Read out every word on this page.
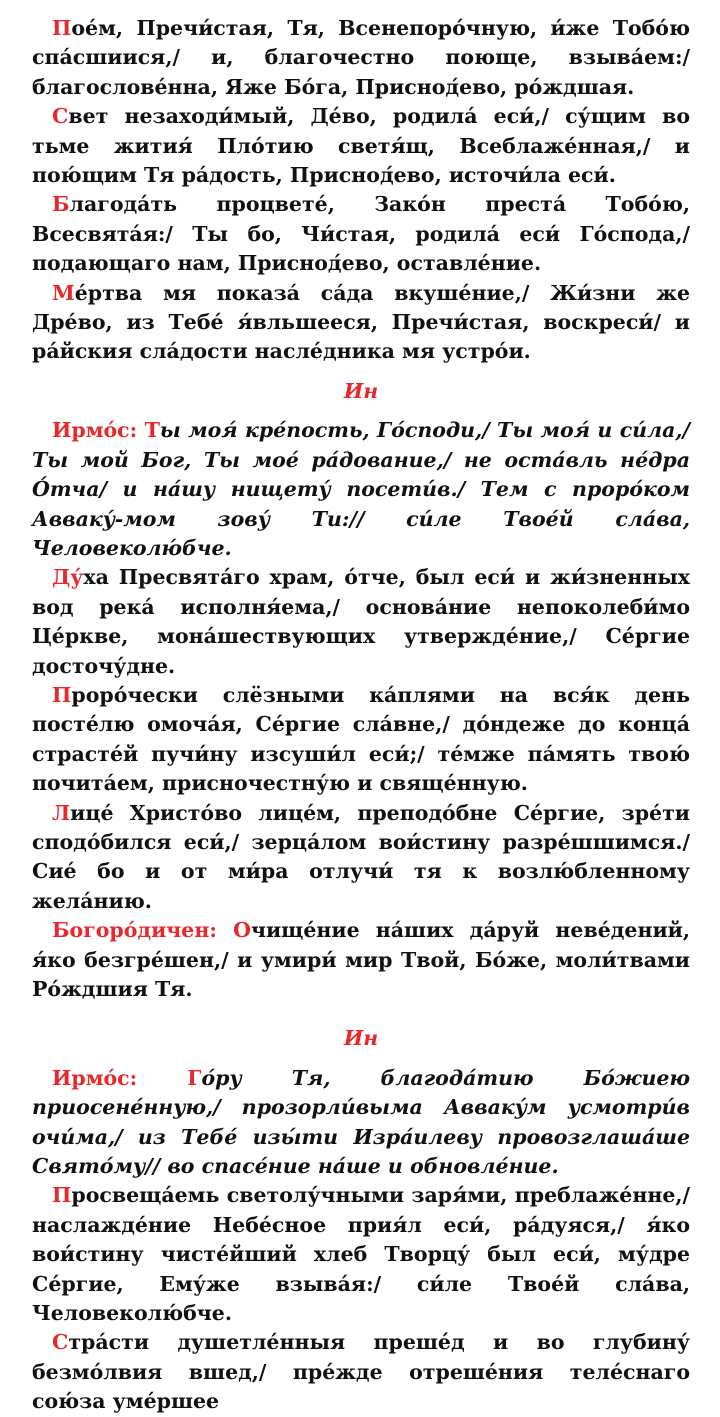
Пое́м, Пречи́стая, Тя, Всенепоро́чную, и́же Тобо́ю спа́сшиися,/ и, благочестно поюще, взыва́ем:/ благослове́нна, Яже Бо́га, Приснод́ево, ро́ждшая.

Свет незаходи́мый, Де́во, родила́ еси́,/ су́щим во тьме жития́ Пло́тию светя́щ, Всеблаже́нная,/ и пою́щим Тя ра́дость, Приснод́ево, источи́ла еси́.

Благода́ть процвете́, Зако́н преста́ Тобо́ю, Всесвятáя:/ Ты бо, Чи́стая, родила́ еси́ Го́спода,/ подающаго нам, Приснод́ево, оставле́ние.

Ме́ртва мя показа́ са́да вкуше́ние,/ Жи́зни же Дре́во, из Тебе́ я́вльшееся, Пречи́стая, воскреси́/ и ра́йския сла́дости насле́дника мя устро́и.

Ин

Ирмо́с: Ты моя́ кре́пость, Го́споди,/ Ты моя́ и си́ла,/ Ты мой Бог, Ты мое́ ра́дование,/ не оста́вль не́дра О́тча/ и на́шу нищету́ посети́в./ Тем с проро́ком Аввакý-мом зову́ Ти:// си́ле Твое́й сла́ва, Человеколю́бче.

Ду́ха Пресвята́го храм, о́тче, был еси́ и жи́зненных вод река́ исполня́ема,/ основа́ние непоколеби́мо Це́ркве, мона́шествующих утвержде́ние,/ Се́ргие досточу́дне.

Проро́чески слёзными ка́плями на вся́к день посте́лю омоча́я, Се́ргие сла́вне,/ до́ндеже до конца́ страсте́й пучи́ну изсуши́л еси́;/ те́мже па́мять твою́ почита́ем, присночестну́ю и свяще́нную.

Лице́ Христо́во лице́м, преподо́бне Се́ргие, зре́ти сподо́бился еси́,/ зерца́лом вои́стину разре́шшимся./ Сие́ бо и от ми́ра отлучи́ тя к возлю́бленному жела́нию.

Богоро́дичен: Очище́ние на́ших да́руй неве́дений, я́ко безгре́шен,/ и умири́ мир Твой, Бо́же, моли́твами Ро́ждшия Тя.

Ин

Ирмо́с: Го́ру Тя, благода́тию Бо́жиею приосене́нную,/ прозорли́выма Авваку́м усмотри́в очи́ма,/ из Тебе́ изы́ти Изра́илеву провозглаша́ше Свято́му// во спасе́ние на́ше и обновле́ние.

Просвеща́емь светолу́чными заря́ми, преблаже́нне,/ наслажде́ние Небе́сное прия́л еси́, ра́дуяся,/ я́ко вои́стину чисте́йший хлеб Творцу́ был еси́, му́дре Се́ргие, Ему́же взыва́я:/ си́ле Твое́й сла́ва, Человеколю́бче.

Стра́сти душетле́нныя прешéд и во глубину́ безмо́лвия вшед,/ пре́жде отреше́ния теле́снаго сою́за уме́ршее
